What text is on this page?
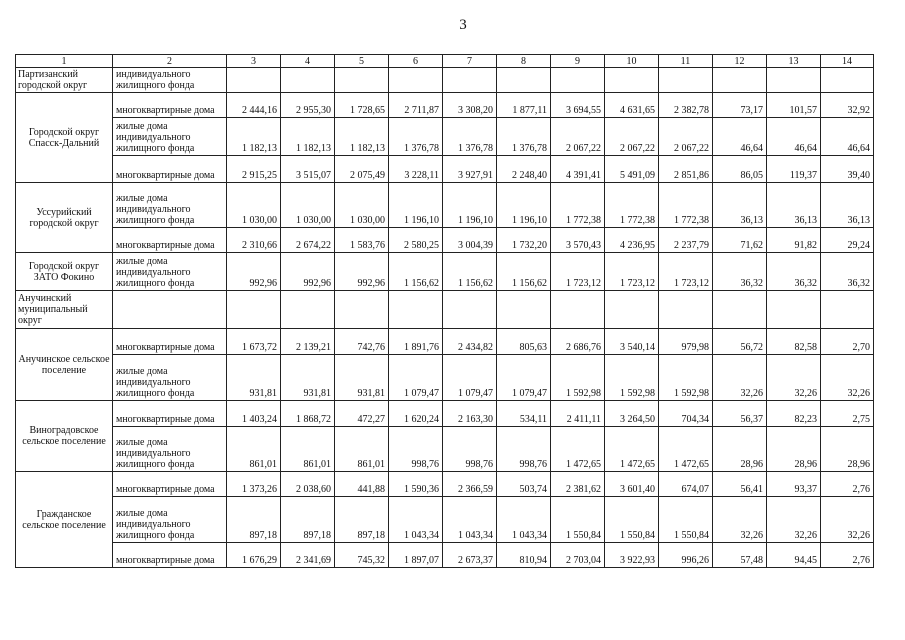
3
1	2	3	4	5	6	7	8	9	10	11	12	13	14
Партизанский городской округ	индивидуального жилищного фонда												
Городской округ Спасск-Дальний	многоквартирные дома	2 444,16	2 955,30	1 728,65	2 711,87	3 308,20	1 877,11	3 694,55	4 631,65	2 382,78	73,17	101,57	32,92
	жилые дома индивидуального жилищного фонда	1 182,13	1 182,13	1 182,13	1 376,78	1 376,78	1 376,78	2 067,22	2 067,22	2 067,22	46,64	46,64	46,64
	многоквартирные дома	2 915,25	3 515,07	2 075,49	3 228,11	3 927,91	2 248,40	4 391,41	5 491,09	2 851,86	86,05	119,37	39,40
Уссурийский городской округ	жилые дома индивидуального жилищного фонда	1 030,00	1 030,00	1 030,00	1 196,10	1 196,10	1 196,10	1 772,38	1 772,38	1 772,38	36,13	36,13	36,13
	многоквартирные дома	2 310,66	2 674,22	1 583,76	2 580,25	3 004,39	1 732,20	3 570,43	4 236,95	2 237,79	71,62	91,82	29,24
Городской округ ЗАТО Фокино	жилые дома индивидуального жилищного фонда	992,96	992,96	992,96	1 156,62	1 156,62	1 156,62	1 723,12	1 723,12	1 723,12	36,32	36,32	36,32
Анучинский муниципальный округ													
Анучинское сельское поселение	многоквартирные дома	1 673,72	2 139,21	742,76	1 891,76	2 434,82	805,63	2 686,76	3 540,14	979,98	56,72	82,58	2,70
	жилые дома индивидуального жилищного фонда	931,81	931,81	931,81	1 079,47	1 079,47	1 079,47	1 592,98	1 592,98	1 592,98	32,26	32,26	32,26
Виноградовское сельское поселение	многоквартирные дома	1 403,24	1 868,72	472,27	1 620,24	2 163,30	534,11	2 411,11	3 264,50	704,34	56,37	82,23	2,75
	жилые дома индивидуального жилищного фонда	861,01	861,01	861,01	998,76	998,76	998,76	1 472,65	1 472,65	1 472,65	28,96	28,96	28,96
Гражданское сельское поселение	многоквартирные дома	1 373,26	2 038,60	441,88	1 590,36	2 366,59	503,74	2 381,62	3 601,40	674,07	56,41	93,37	2,76
	жилые дома индивидуального жилищного фонда	897,18	897,18	897,18	1 043,34	1 043,34	1 043,34	1 550,84	1 550,84	1 550,84	32,26	32,26	32,26
	многоквартирные дома	1 676,29	2 341,69	745,32	1 897,07	2 673,37	810,94	2 703,04	3 922,93	996,26	57,48	94,45	2,76
